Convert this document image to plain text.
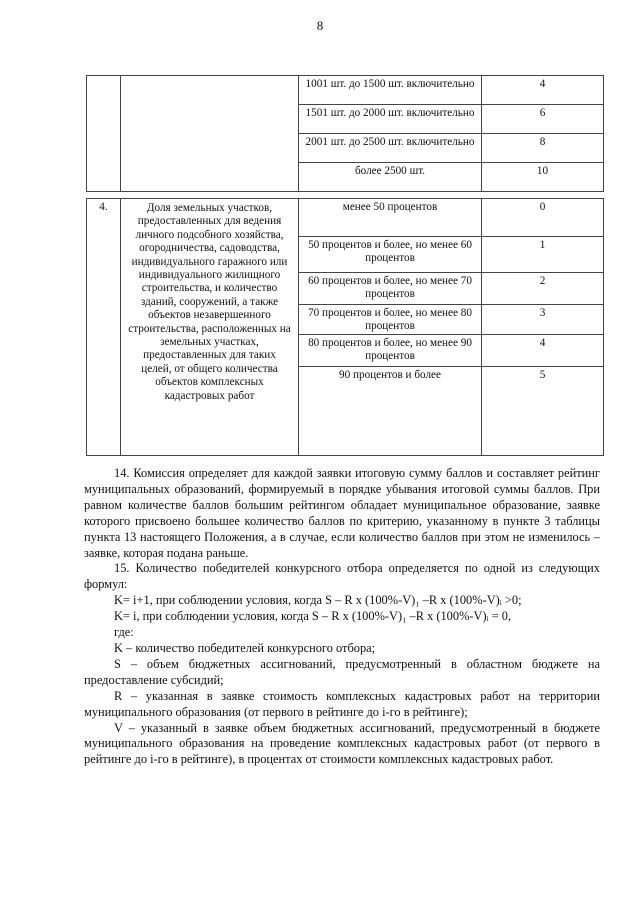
8
		1001 шт. до 1500 шт. включительно	4
		1501 шт. до 2000 шт. включительно	6
		2001 шт. до 2500 шт. включительно	8
		более 2500 шт.	10
4.	Доля земельных участков, предоставленных для ведения личного подсобного хозяйства, огородничества, садоводства, индивидуального гаражного или индивидуального жилищного строительства, и количество зданий, сооружений, а также объектов незавершенного строительства, расположенных на земельных участках, предоставленных для таких целей, от общего количества объектов комплексных кадастровых работ	менее 50 процентов	0
		50 процентов и более, но менее 60 процентов	1
		60 процентов и более, но менее 70 процентов	2
		70 процентов и более, но менее 80 процентов	3
		80 процентов и более, но менее 90 процентов	4
		90 процентов и более	5

14. Комиссия определяет для каждой заявки итоговую сумму баллов и составляет рейтинг муниципальных образований, формируемый в порядке убывания итоговой суммы баллов. При равном количестве баллов большим рейтингом обладает муниципальное образование, заявке которого присвоено большее количество баллов по критерию, указанному в пункте 3 таблицы пункта 13 настоящего Положения, а в случае, если количество баллов при этом не изменилось – заявке, которая подана раньше.

15. Количество победителей конкурсного отбора определяется по одной из следующих формул:

K= i+1, при соблюдении условия, когда S – R x (100%-V)₁ –R x (100%-V)ᵢ >0;

K= i, при соблюдении условия, когда S – R x (100%-V)₁ –R x (100%-V)ᵢ = 0,

где:

K – количество победителей конкурсного отбора;

S – объем бюджетных ассигнований, предусмотренный в областном бюджете на предоставление субсидий;

R – указанная в заявке стоимость комплексных кадастровых работ на территории муниципального образования (от первого в рейтинге до i-го в рейтинге);

V – указанный в заявке объем бюджетных ассигнований, предусмотренный в бюджете муниципального образования на проведение комплексных кадастровых работ (от первого в рейтинге до i-го в рейтинге), в процентах от стоимости комплексных кадастровых работ.
